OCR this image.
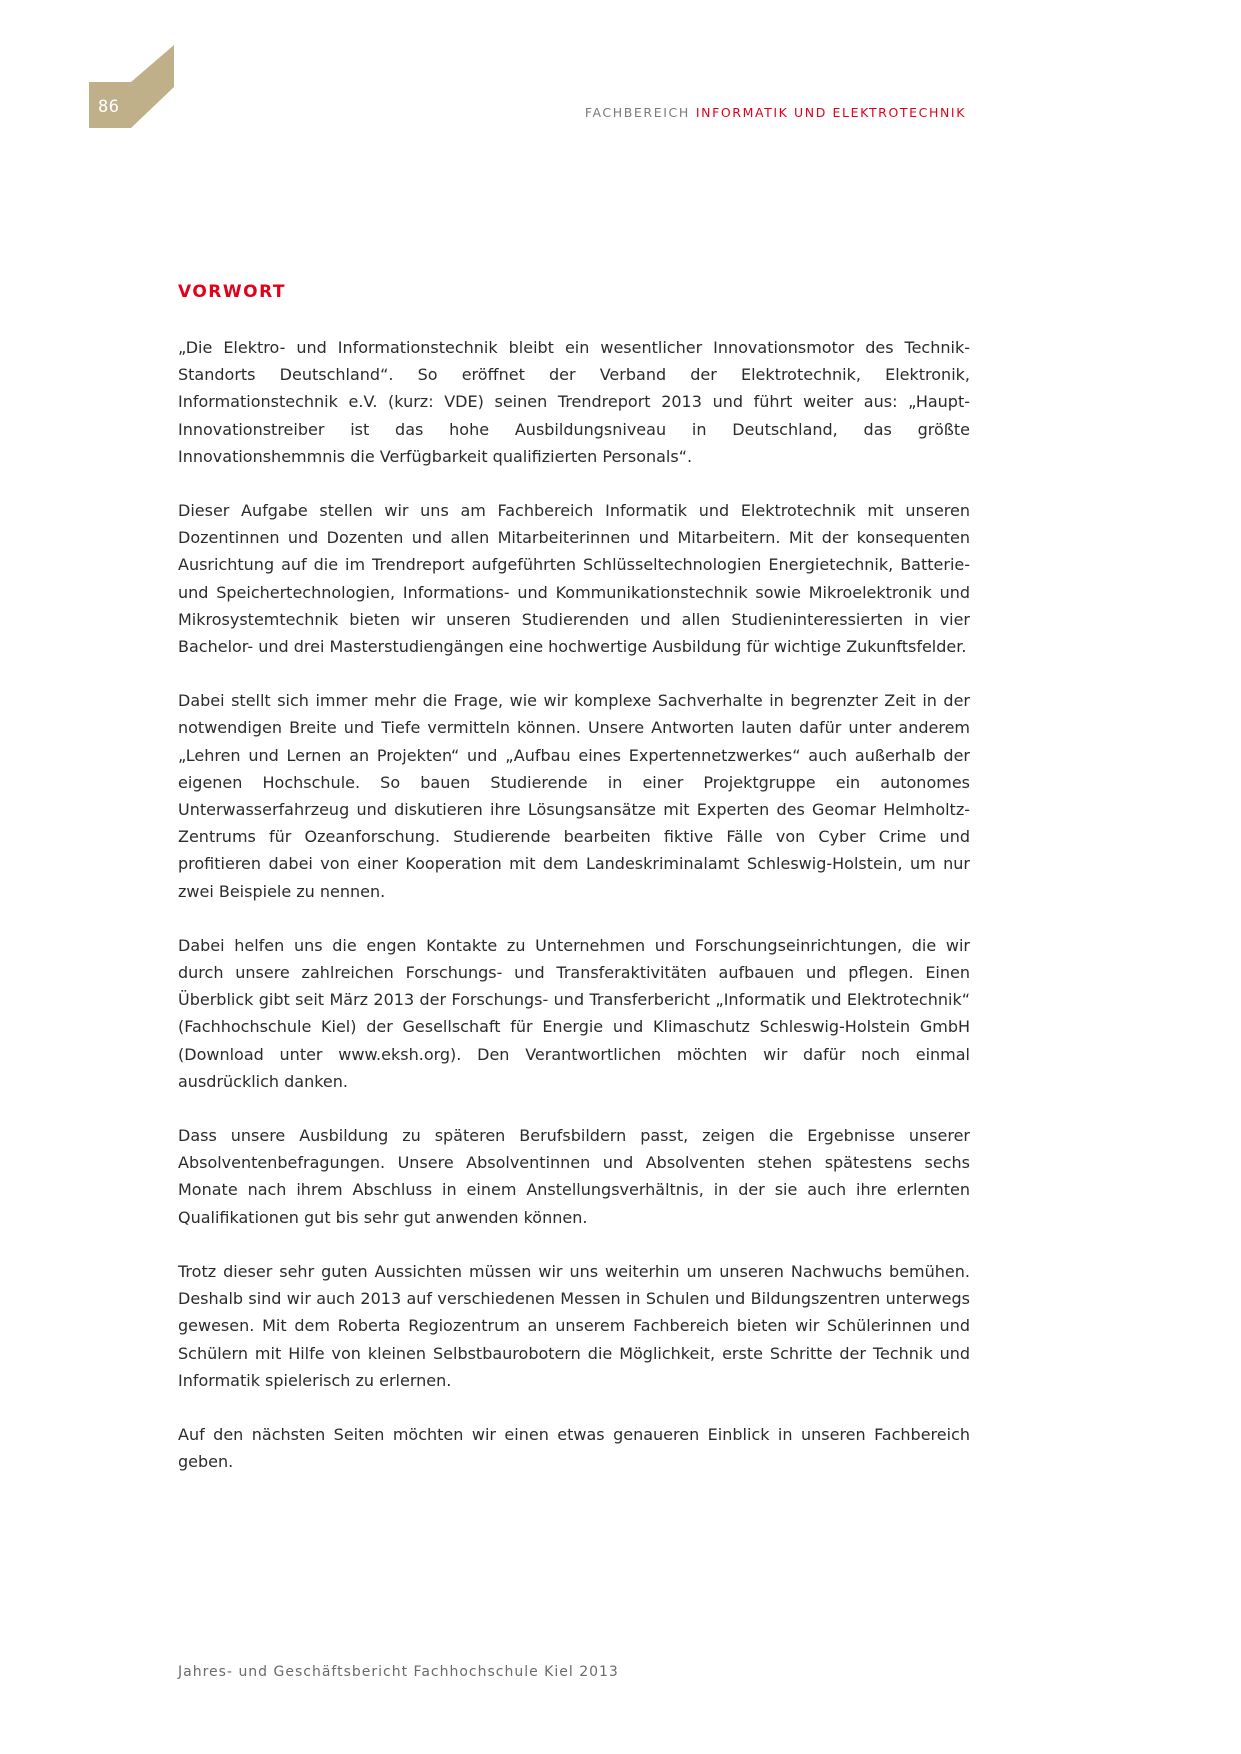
86	FACHBEREICH INFORMATIK UND ELEKTROTECHNIK
VORWORT

„Die Elektro- und Informationstechnik bleibt ein wesentlicher Innovationsmotor des Technik-Standorts Deutschland“. So eröffnet der Verband der Elektrotechnik, Elektronik, Informationstechnik e.V. (kurz: VDE) seinen Trendreport 2013 und führt weiter aus: „Haupt-Innovationstreiber ist das hohe Ausbildungsniveau in Deutschland, das größte Innovationshemmnis die Verfügbarkeit qualifizierten Personals“.

Dieser Aufgabe stellen wir uns am Fachbereich Informatik und Elektrotechnik mit unseren Dozentinnen und Dozenten und allen Mitarbeiterinnen und Mitarbeitern. Mit der konsequenten Ausrichtung auf die im Trendreport aufgeführten Schlüsseltechnologien Energietechnik, Batterie- und Speichertechnologien, Informations- und Kommunikationstechnik sowie Mikroelektronik und Mikrosystemtechnik bieten wir unseren Studierenden und allen Studieninteressierten in vier Bachelor- und drei Masterstudiengängen eine hochwertige Ausbildung für wichtige Zukunftsfelder.

Dabei stellt sich immer mehr die Frage, wie wir komplexe Sachverhalte in begrenzter Zeit in der notwendigen Breite und Tiefe vermitteln können. Unsere Antworten lauten dafür unter anderem „Lehren und Lernen an Projekten“ und „Aufbau eines Expertennetzwerkes“ auch außerhalb der eigenen Hochschule. So bauen Studierende in einer Projektgruppe ein autonomes Unterwasserfahrzeug und diskutieren ihre Lösungsansätze mit Experten des Geomar Helmholtz-Zentrums für Ozeanforschung. Studierende bearbeiten fiktive Fälle von Cyber Crime und profitieren dabei von einer Kooperation mit dem Landeskriminalamt Schleswig-Holstein, um nur zwei Beispiele zu nennen.

Dabei helfen uns die engen Kontakte zu Unternehmen und Forschungseinrichtungen, die wir durch unsere zahlreichen Forschungs- und Transferaktivitäten aufbauen und pflegen. Einen Überblick gibt seit März 2013 der Forschungs- und Transferbericht „Informatik und Elektrotechnik“ (Fachhochschule Kiel) der Gesellschaft für Energie und Klimaschutz Schleswig-Holstein GmbH (Download unter www.eksh.org). Den Verantwortlichen möchten wir dafür noch einmal ausdrücklich danken.

Dass unsere Ausbildung zu späteren Berufsbildern passt, zeigen die Ergebnisse unserer Absolventenbefragungen. Unsere Absolventinnen und Absolventen stehen spätestens sechs Monate nach ihrem Abschluss in einem Anstellungsverhältnis, in der sie auch ihre erlernten Qualifikationen gut bis sehr gut anwenden können.

Trotz dieser sehr guten Aussichten müssen wir uns weiterhin um unseren Nachwuchs bemühen. Deshalb sind wir auch 2013 auf verschiedenen Messen in Schulen und Bildungszentren unterwegs gewesen. Mit dem Roberta Regiozentrum an unserem Fachbereich bieten wir Schülerinnen und Schülern mit Hilfe von kleinen Selbstbaurobotern die Möglichkeit, erste Schritte der Technik und Informatik spielerisch zu erlernen.

Auf den nächsten Seiten möchten wir einen etwas genaueren Einblick in unseren Fachbereich geben.

Jahres- und Geschäftsbericht Fachhochschule Kiel 2013
